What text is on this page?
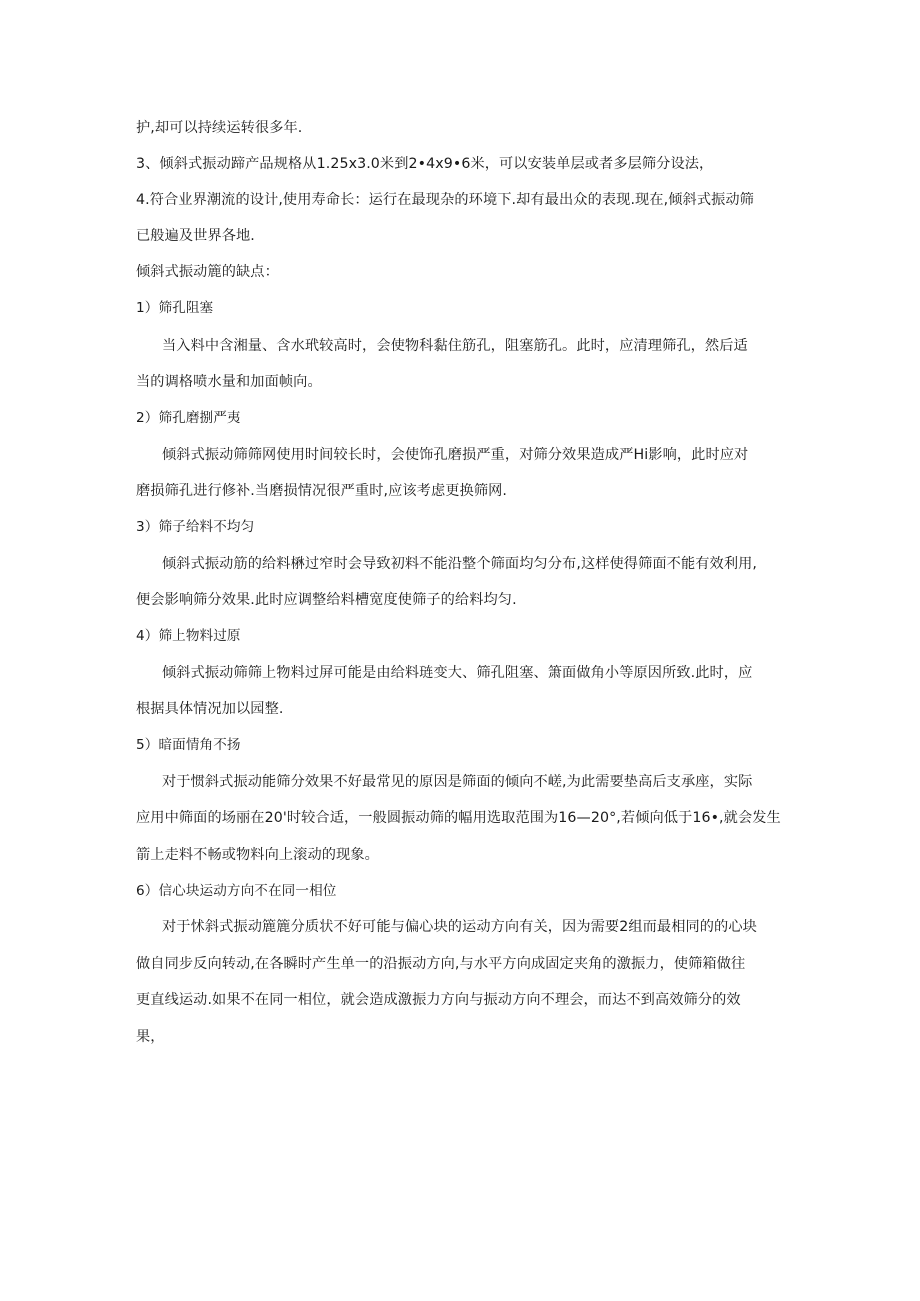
护,却可以持续运转很多年.
3、倾斜式振动蹄产品规格从1.25x3.0米到2•4x9•6米，可以安装单层或者多层筛分设法，
4.符合业界潮流的设计,使用寿命长：运行在最现杂的环境下.却有最出众的表现.现在,倾斜式振动筛
已般遍及世界各地.
倾斜式振动簏的缺点：
1）筛孔阻塞
当入料中含湘量、含水玳较高时，会使物科黏住筋孔，阻塞筋孔。此时，应清理筛孔，然后适
当的调格喷水量和加面帧向。
2）筛孔磨捌严夷
倾斜式振动筛筛网使用时间较长时，会使饰孔磨损严重，对筛分效果造成严Hi影响，此时应对
磨损筛孔进行修补.当磨损情况很严重时,应该考虑更换筛网.
3）筛子给料不均匀
倾斜式振动筋的给料楙过窄时会导致初料不能沿整个筛面均匀分布,这样使得筛面不能有效利用,
便会影响筛分效果.此时应调整给料槽宽度使筛子的给料均匀.
4）筛上物料过原
倾斜式振动筛筛上物料过屏可能是由给料琏变大、筛孔阻塞、箫面做角小等原因所致.此时，应
根据具体情况加以园整.
5）暗面情角不扬
对于惯斜式振动能筛分效果不好最常见的原因是筛面的倾向不嵯,为此需要垫高后支承座，实际
应用中筛面的场丽在20'时较合适，一般圆振动筛的幅用选取范围为16—20°,若倾向低于16•,就会发生
箭上走料不畅或物料向上滚动的现象。
6）信心块运动方向不在同一相位
对于怵斜式振动簏簏分质状不好可能与偏心块的运动方向有关，因为需要2组而最相同的的心块
做自同步反向转动,在各瞬时产生单一的沿振动方向,与水平方向成固定夹角的激振力，使筛箱做往
更直线运动.如果不在同一相位，就会造成激振力方向与振动方向不理会，而达不到高效筛分的效
果，
